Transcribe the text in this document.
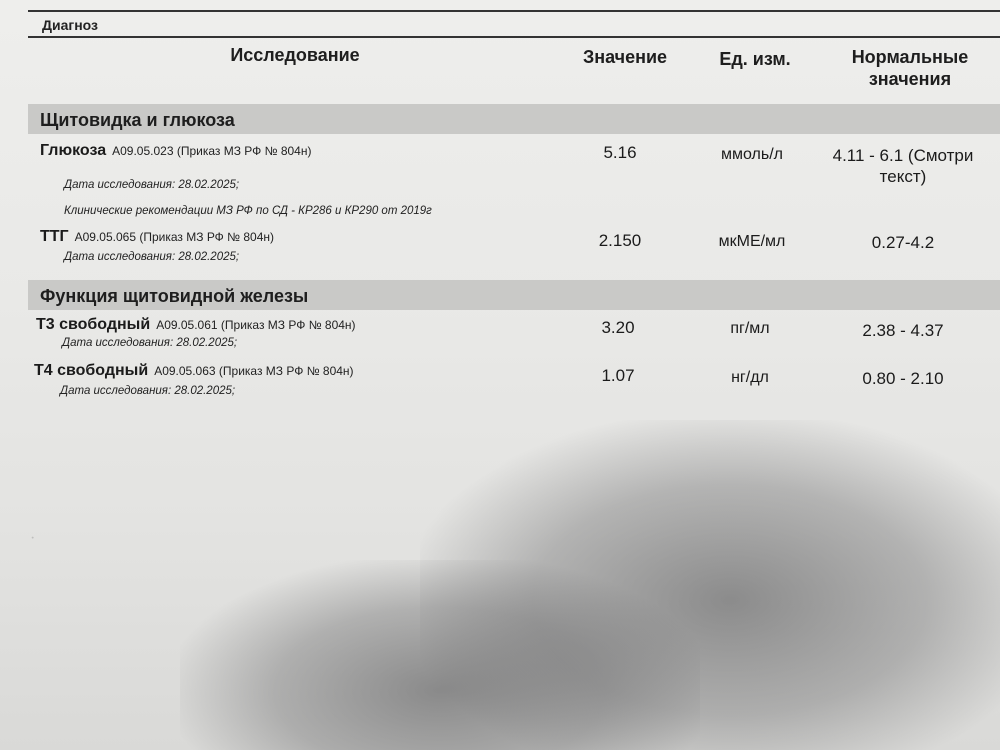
·
Диагноз
Исследование	Значение	Ед. изм.	Нормальные
значения
Щитовидка и глюкоза
Глюкоза A09.05.023 (Приказ МЗ РФ № 804н)
Дата исследования: 28.02.2025;
Клинические рекомендации МЗ РФ по СД - КР286 и КР290 от 2019г
5.16	ммоль/л	4.11 - 6.1 (Смотри
текст)
ТТГ A09.05.065 (Приказ МЗ РФ № 804н)
Дата исследования: 28.02.2025;
2.150	мкМЕ/мл	0.27-4.2
Функция щитовидной железы
Т3 свободный A09.05.061 (Приказ МЗ РФ № 804н)
Дата исследования: 28.02.2025;
3.20	пг/мл	2.38 - 4.37
Т4 свободный A09.05.063 (Приказ МЗ РФ № 804н)
Дата исследования: 28.02.2025;
1.07	нг/дл	0.80 - 2.10
